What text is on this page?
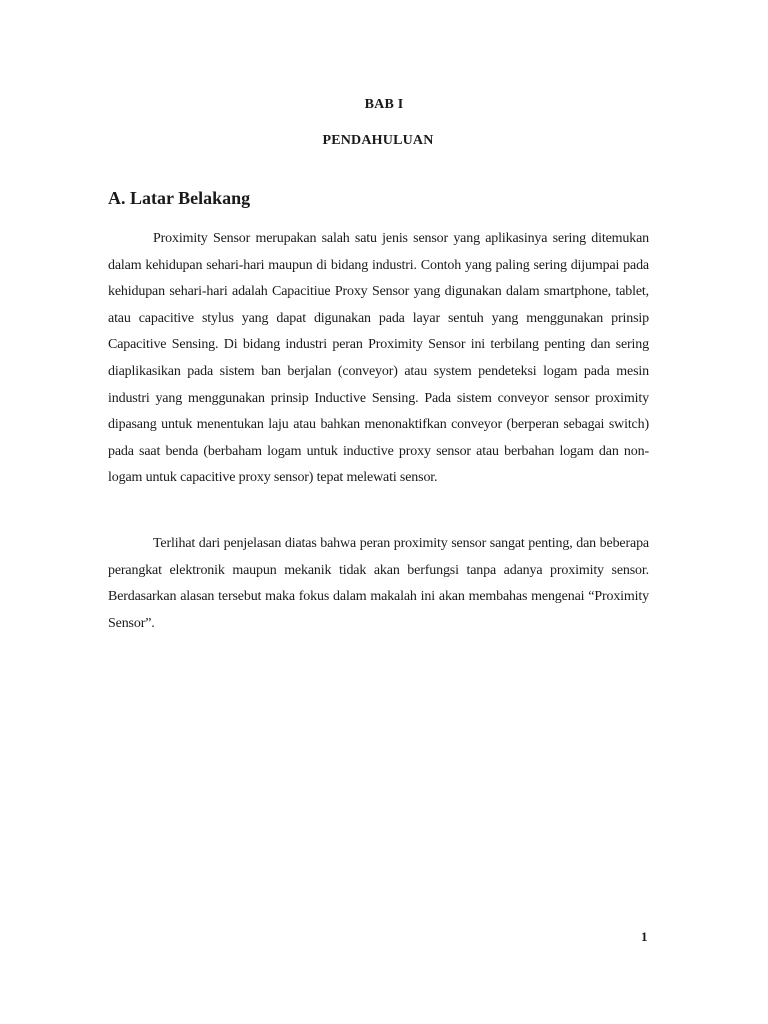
BAB I
PENDAHULUAN
A. Latar Belakang

Proximity Sensor merupakan salah satu jenis sensor yang aplikasinya sering ditemukan dalam kehidupan sehari-hari maupun di bidang industri. Contoh yang paling sering dijumpai pada kehidupan sehari-hari adalah Capacitiue Proxy Sensor yang digunakan dalam smartphone, tablet, atau capacitive stylus yang dapat digunakan pada layar sentuh yang menggunakan prinsip Capacitive Sensing. Di bidang industri peran Proximity Sensor ini terbilang penting dan sering diaplikasikan pada sistem ban berjalan (conveyor) atau system pendeteksi logam pada mesin industri yang menggunakan prinsip Inductive Sensing. Pada sistem conveyor sensor proximity dipasang untuk menentukan laju atau bahkan menonaktifkan conveyor (berperan sebagai switch) pada saat benda (berbaham logam untuk inductive proxy sensor atau berbahan logam dan non-logam untuk capacitive proxy sensor) tepat melewati sensor.

Terlihat dari penjelasan diatas bahwa peran proximity sensor sangat penting, dan beberapa perangkat elektronik maupun mekanik tidak akan berfungsi tanpa adanya proximity sensor. Berdasarkan alasan tersebut maka fokus dalam makalah ini akan membahas mengenai “Proximity Sensor”.

1
